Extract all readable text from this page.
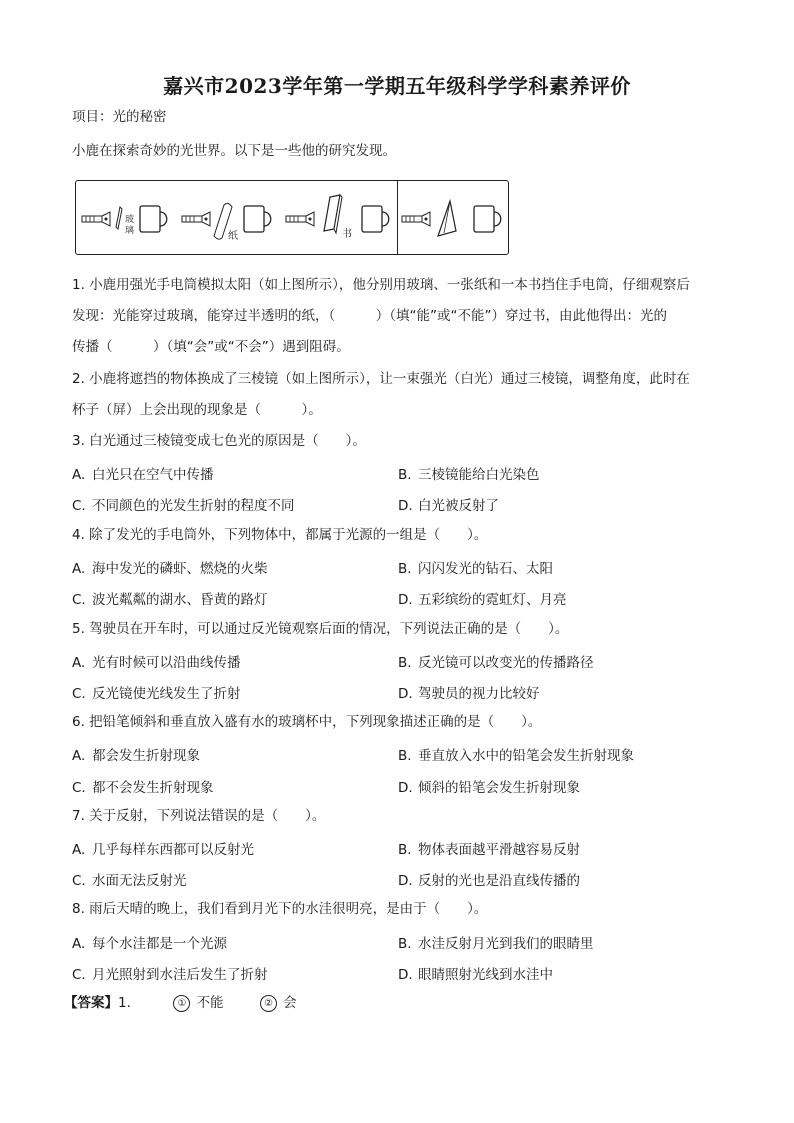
嘉兴市2023学年第一学期五年级科学学科素养评价
项目：光的秘密
小鹿在探索奇妙的光世界。以下是一些他的研究发现。
玻
璃	纸	书
1. 小鹿用强光手电筒模拟太阳（如上图所示），他分别用玻璃、一张纸和一本书挡住手电筒，仔细观察后
发现：光能穿过玻璃，能穿过半透明的纸，（　　　）（填“能”或“不能”）穿过书，由此他得出：光的
传播（　　　）（填“会”或“不会”）遇到阻碍。
2. 小鹿将遮挡的物体换成了三棱镜（如上图所示），让一束强光（白光）通过三棱镜，调整角度，此时在
杯子（屏）上会出现的现象是（　　　）。
3. 白光通过三棱镜变成七色光的原因是（　　）。
A. 白光只在空气中传播	B. 三棱镜能给白光染色
C. 不同颜色的光发生折射的程度不同	D. 白光被反射了
4. 除了发光的手电筒外，下列物体中，都属于光源的一组是（　　）。
A. 海中发光的磷虾、燃烧的火柴	B. 闪闪发光的钻石、太阳
C. 波光粼粼的湖水、昏黄的路灯	D. 五彩缤纷的霓虹灯、月亮
5. 驾驶员在开车时，可以通过反光镜观察后面的情况，下列说法正确的是（　　）。
A. 光有时候可以沿曲线传播	B. 反光镜可以改变光的传播路径
C. 反光镜使光线发生了折射	D. 驾驶员的视力比较好
6. 把铅笔倾斜和垂直放入盛有水的玻璃杯中，下列现象描述正确的是（　　）。
A. 都会发生折射现象	B. 垂直放入水中的铅笔会发生折射现象
C. 都不会发生折射现象	D. 倾斜的铅笔会发生折射现象
7. 关于反射，下列说法错误的是（　　）。
A. 几乎每样东西都可以反射光	B. 物体表面越平滑越容易反射
C. 水面无法反射光	D. 反射的光也是沿直线传播的
8. 雨后天晴的晚上，我们看到月光下的水洼很明亮，是由于（　　）。
A. 每个水洼都是一个光源	B. 水洼反射月光到我们的眼睛里
C. 月光照射到水洼后发生了折射	D. 眼睛照射光线到水洼中
【答案】1.	① 不能	② 会
